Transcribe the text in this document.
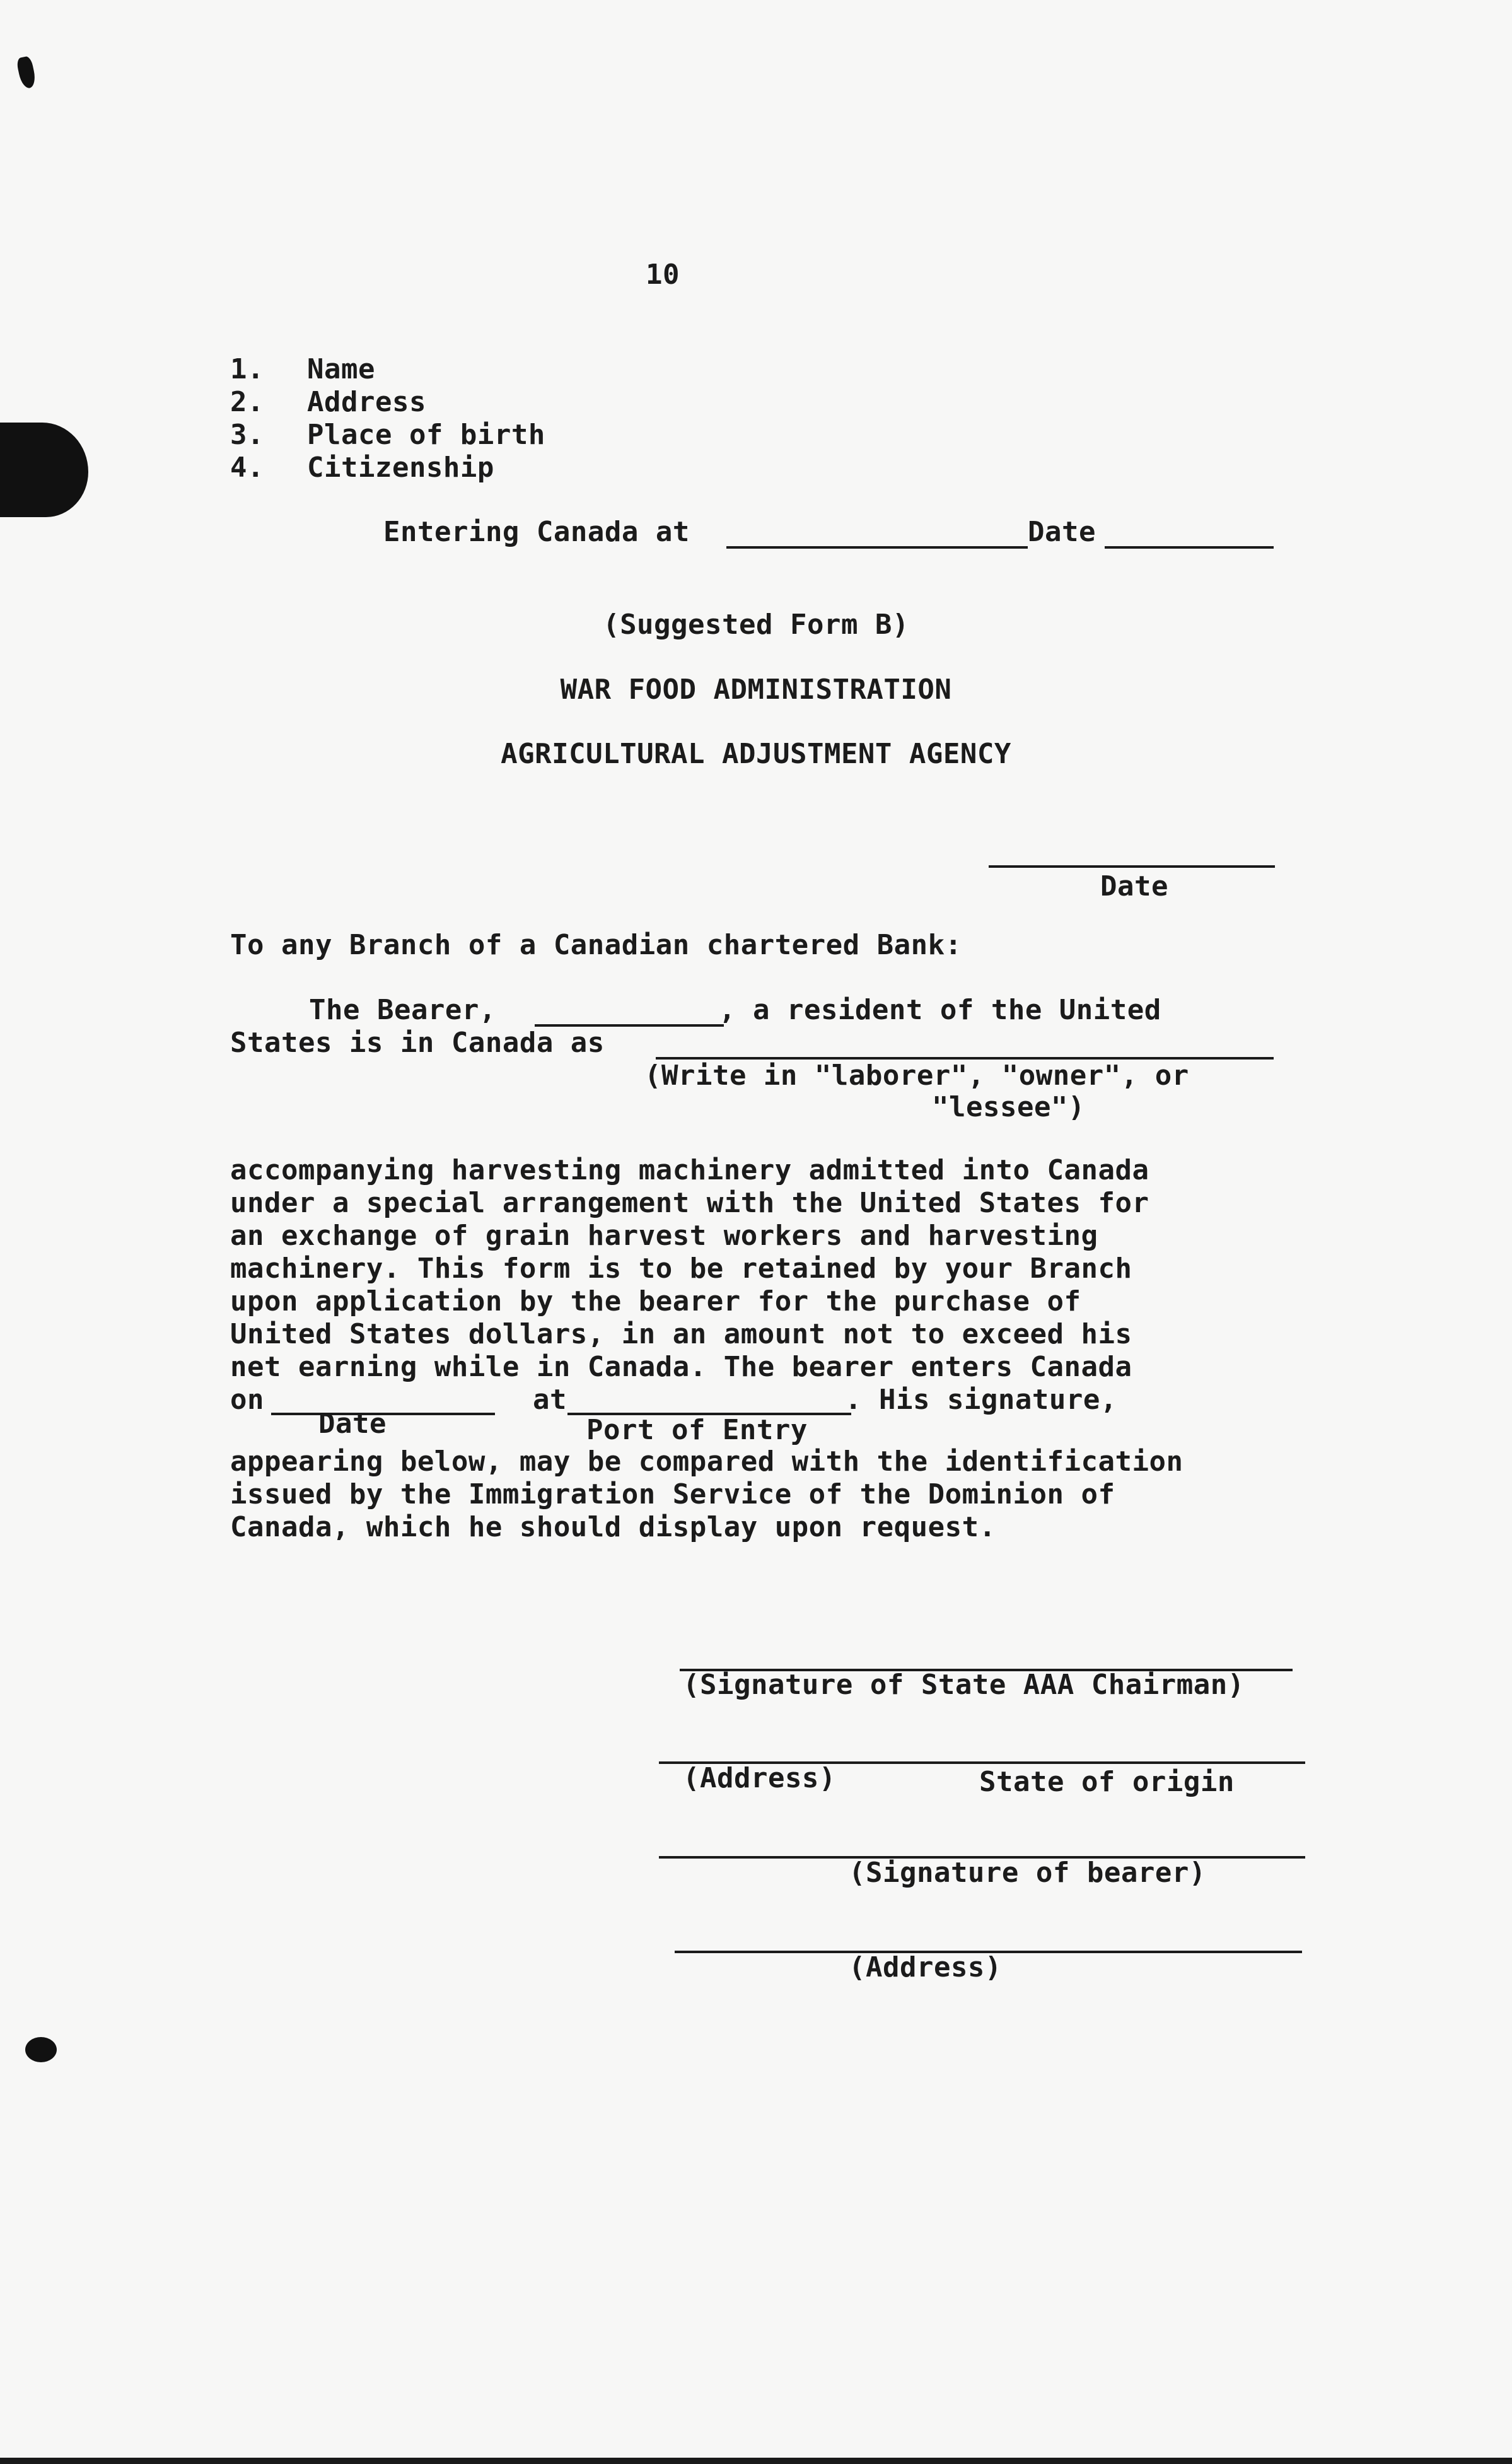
10
1. Name
2. Address
3. Place of birth
4. Citizenship
Entering Canada at	Date
(Suggested Form B)
WAR FOOD ADMINISTRATION
AGRICULTURAL ADJUSTMENT AGENCY
Date
To any Branch of a Canadian chartered Bank:
The Bearer,	, a resident of the United
States is in Canada as
(Write in "laborer", "owner", or
"lessee")
accompanying harvesting machinery admitted into Canada
under a special arrangement with the United States for
an exchange of grain harvest workers and harvesting
machinery. This form is to be retained by your Branch
upon application by the bearer for the purchase of
United States dollars, in an amount not to exceed his
net earning while in Canada. The bearer enters Canada
on	at	. His signature,
Date	Port of Entry
appearing below, may be compared with the identification
issued by the Immigration Service of the Dominion of
Canada, which he should display upon request.
(Signature of State AAA Chairman)
(Address)	State of origin
(Signature of bearer)
(Address)
